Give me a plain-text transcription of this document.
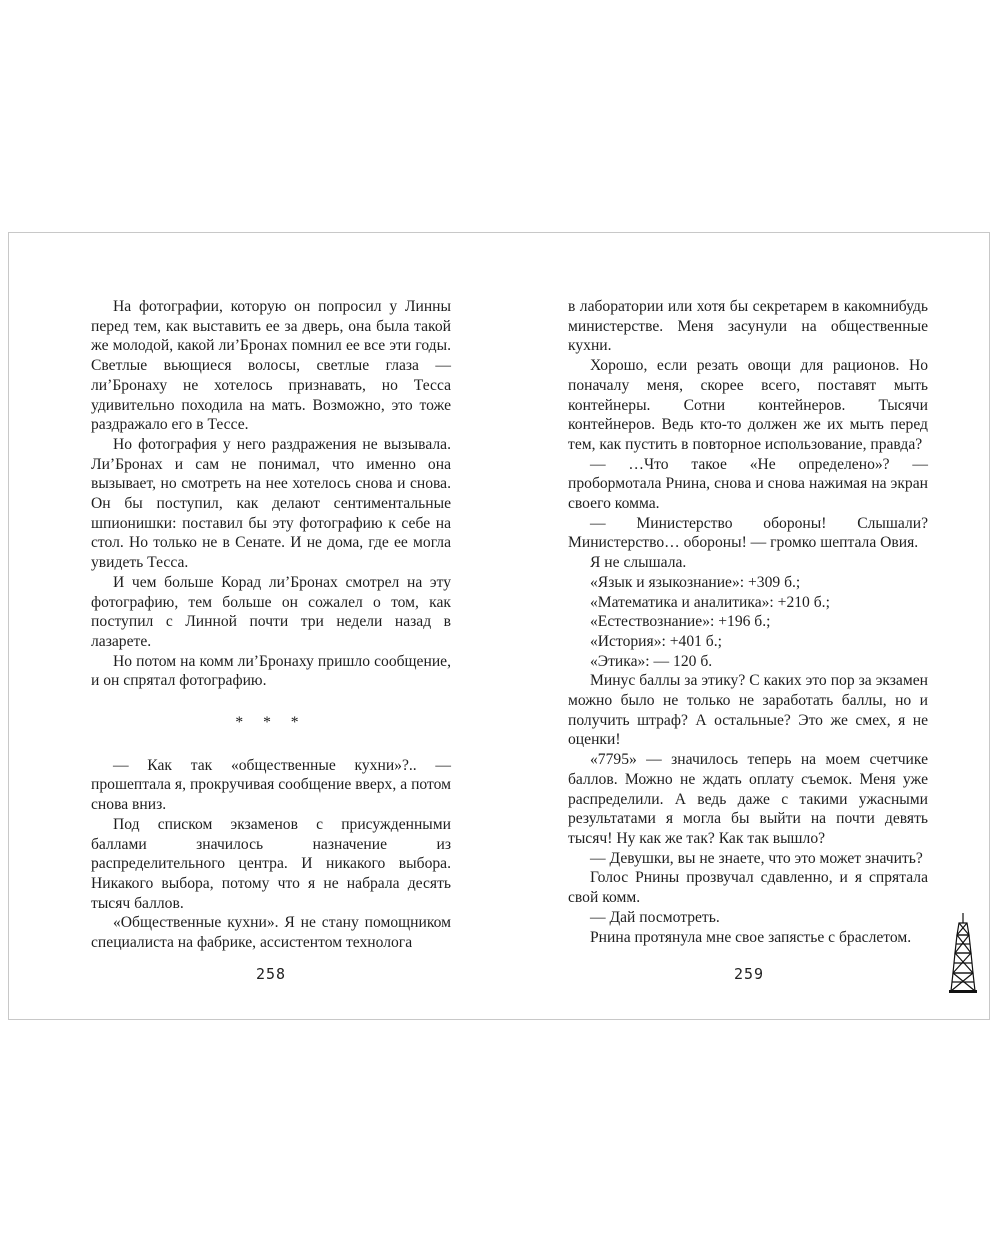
На фотографии, которую он попросил у Линны перед тем, как выставить ее за дверь, она была такой же молодой, какой ли’Бронах помнил ее все эти годы. Светлые вьющиеся волосы, светлые глаза — ли’Бронаху не хотелось признавать, но Тесса удивительно походила на мать. Возможно, это тоже раздражало его в Тессе.

Но фотография у него раздражения не вызывала. Ли’Бронах и сам не понимал, что именно она вызывает, но смотреть на нее хотелось снова и снова. Он бы поступил, как делают сентиментальные шпионишки: поставил бы эту фотографию к себе на стол. Но только не в Сенате. И не дома, где ее могла увидеть Тесса.

И чем больше Корад ли’Бронах смотрел на эту фотографию, тем больше он сожалел о том, как поступил с Линной почти три недели назад в лазарете.

Но потом на комм ли’Бронаху пришло сообщение, и он спрятал фотографию.

* * *

— Как так «общественные кухни»?.. — прошептала я, прокручивая сообщение вверх, а потом снова вниз.

Под списком экзаменов с присужденными баллами значилось назначение из распределительного центра. И никакого выбора. Никакого выбора, потому что я не набрала десять тысяч баллов.

«Общественные кухни». Я не стану помощником специалиста на фабрике, ассистентом технолога

в лаборатории или хотя бы секретарем в какомнибудь министерстве. Меня засунули на общественные кухни.

Хорошо, если резать овощи для рационов. Но поначалу меня, скорее всего, поставят мыть контейнеры. Сотни контейнеров. Тысячи контейнеров. Ведь кто-то должен же их мыть перед тем, как пустить в повторное использование, правда?

— …Что такое «Не определено»? — пробормотала Рнина, снова и снова нажимая на экран своего комма.

— Министерство обороны! Слышали? Министерство… обороны! — громко шептала Овия.

Я не слышала.

«Язык и языкознание»: +309 б.;

«Математика и аналитика»: +210 б.;

«Естествознание»: +196 б.;

«История»: +401 б.;

«Этика»: — 120 б.

Минус баллы за этику? С каких это пор за экзамен можно было не только не заработать баллы, но и получить штраф? А остальные? Это же смех, я не оценки!

«7795» — значилось теперь на моем счетчике баллов. Можно не ждать оплату съемок. Меня уже распределили. А ведь даже с такими ужасными результатами я могла бы выйти на почти девять тысяч! Ну как же так? Как так вышло?

— Девушки, вы не знаете, что это может значить?

Голос Рнины прозвучал сдавленно, и я спрятала свой комм.

— Дай посмотреть.

Рнина протянула мне свое запястье с браслетом.

258	259
